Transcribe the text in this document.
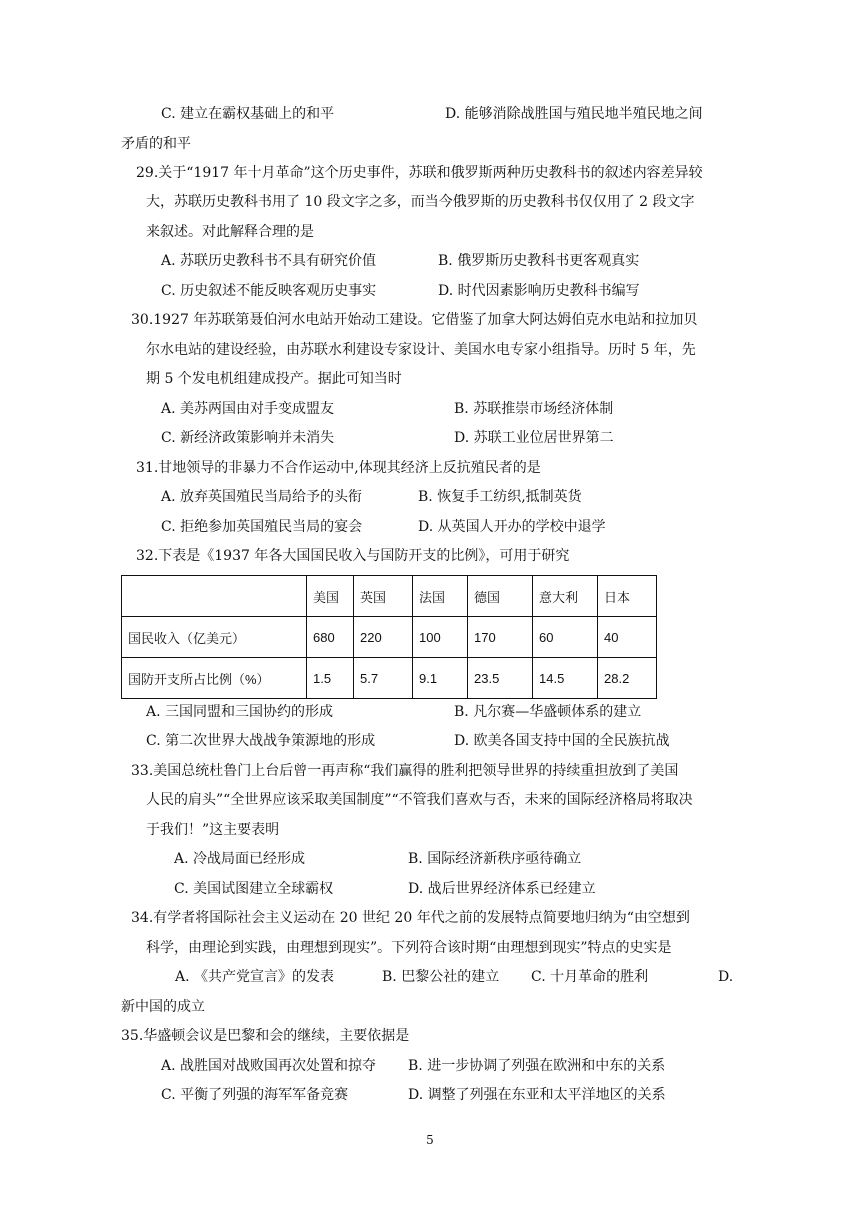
C. 建立在霸权基础上的和平	D. 能够消除战胜国与殖民地半殖民地之间
矛盾的和平
29.关于“1917 年十月革命”这个历史事件，苏联和俄罗斯两种历史教科书的叙述内容差异较
大，苏联历史教科书用了 10 段文字之多，而当今俄罗斯的历史教科书仅仅用了 2 段文字
来叙述。对此解释合理的是
A. 苏联历史教科书不具有研究价值	B. 俄罗斯历史教科书更客观真实
C. 历史叙述不能反映客观历史事实	D. 时代因素影响历史教科书编写
30.1927 年苏联第聂伯河水电站开始动工建设。它借鉴了加拿大阿达姆伯克水电站和拉加贝
尔水电站的建设经验，由苏联水利建设专家设计、美国水电专家小组指导。历时 5 年，先
期 5 个发电机组建成投产。据此可知当时
A. 美苏两国由对手变成盟友	B. 苏联推崇市场经济体制
C. 新经济政策影响并未消失	D. 苏联工业位居世界第二
31.甘地领导的非暴力不合作运动中,体现其经济上反抗殖民者的是
A. 放弃英国殖民当局给予的头衔	B. 恢复手工纺织,抵制英货
C. 拒绝参加英国殖民当局的宴会	D. 从英国人开办的学校中退学
32.下表是《1937 年各大国国民收入与国防开支的比例》，可用于研究
	美国	英国	法国	德国	意大利	日本
国民收入（亿美元）	680	220	100	170	60	40
国防开支所占比例（%）	1.5	5.7	9.1	23.5	14.5	28.2
A. 三国同盟和三国协约的形成	B. 凡尔赛—华盛顿体系的建立
C. 第二次世界大战战争策源地的形成	D. 欧美各国支持中国的全民族抗战
33.美国总统杜鲁门上台后曾一再声称“我们赢得的胜利把领导世界的持续重担放到了美国
人民的肩头”“全世界应该采取美国制度”“不管我们喜欢与否，未来的国际经济格局将取决
于我们！”这主要表明
A. 冷战局面已经形成	B. 国际经济新秩序亟待确立
C. 美国试图建立全球霸权	D. 战后世界经济体系已经建立
34.有学者将国际社会主义运动在 20 世纪 20 年代之前的发展特点简要地归纳为“由空想到
科学，由理论到实践，由理想到现实”。下列符合该时期“由理想到现实”特点的史实是
A. 《共产党宣言》的发表	B. 巴黎公社的建立 C. 十月革命的胜利	D.
新中国的成立
35.华盛顿会议是巴黎和会的继续，主要依据是
A. 战胜国对战败国再次处置和掠夺 B. 进一步协调了列强在欧洲和中东的关系
C. 平衡了列强的海军军备竞赛	D. 调整了列强在东亚和太平洋地区的关系
5
